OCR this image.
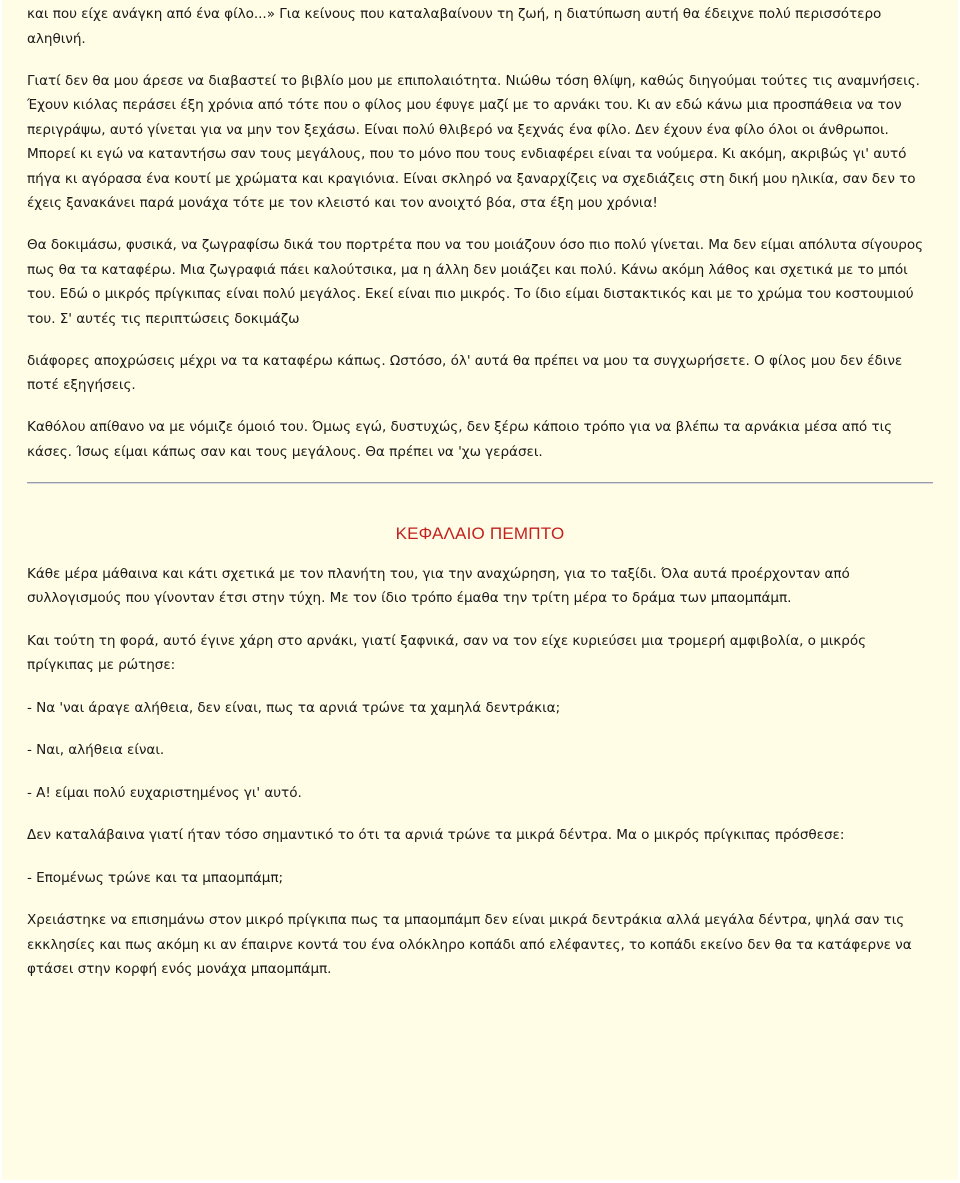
και που είχε ανάγκη από ένα φίλο...» Για κείνους που καταλαβαίνουν τη ζωή, η διατύπωση αυτή θα έδειχνε πολύ περισσότερο αληθινή.

Γιατί δεν θα μου άρεσε να διαβαστεί το βιβλίο μου με επιπολαιότητα. Νιώθω τόση θλίψη, καθώς διηγούμαι τούτες τις αναμνήσεις. Έχουν κιόλας περάσει έξη χρόνια από τότε που ο φίλος μου έφυγε μαζί με το αρνάκι του. Κι αν εδώ κάνω μια προσπάθεια να τον περιγράψω, αυτό γίνεται για να μην τον ξεχάσω. Είναι πολύ θλιβερό να ξεχνάς ένα φίλο. Δεν έχουν ένα φίλο όλοι οι άνθρωποι. Μπορεί κι εγώ να καταντήσω σαν τους μεγάλους, που το μόνο που τους ενδιαφέρει είναι τα νούμερα. Κι ακόμη, ακριβώς γι' αυτό πήγα κι αγόρασα ένα κουτί με χρώματα και κραγιόνια. Είναι σκληρό να ξαναρχίζεις να σχεδιάζεις στη δική μου ηλικία, σαν δεν το έχεις ξανακάνει παρά μονάχα τότε με τον κλειστό και τον ανοιχτό βόα, στα έξη μου χρόνια!

Θα δοκιμάσω, φυσικά, να ζωγραφίσω δικά του πορτρέτα που να του μοιάζουν όσο πιο πολύ γίνεται. Μα δεν είμαι απόλυτα σίγουρος πως θα τα καταφέρω. Μια ζωγραφιά πάει καλούτσικα, μα η άλλη δεν μοιάζει και πολύ. Κάνω ακόμη λάθος και σχετικά με το μπόι του. Εδώ ο μικρός πρίγκιπας είναι πολύ μεγάλος. Εκεί είναι πιο μικρός. Το ίδιο είμαι διστακτικός και με το χρώμα του κοστουμιού του. Σ' αυτές τις περιπτώσεις δοκιμάζω

διάφορες αποχρώσεις μέχρι να τα καταφέρω κάπως. Ωστόσο, όλ' αυτά θα πρέπει να μου τα συγχωρήσετε. Ο φίλος μου δεν έδινε ποτέ εξηγήσεις.

Καθόλου απίθανο να με νόμιζε όμοιό του. Όμως εγώ, δυστυχώς, δεν ξέρω κάποιο τρόπο για να βλέπω τα αρνάκια μέσα από τις κάσες. Ίσως είμαι κάπως σαν και τους μεγάλους. Θα πρέπει να 'χω γεράσει.

ΚΕΦΑΛΑΙΟ ΠΕΜΠΤΟ

Κάθε μέρα μάθαινα και κάτι σχετικά με τον πλανήτη του, για την αναχώρηση, για το ταξίδι. Όλα αυτά προέρχονταν από συλλογισμούς που γίνονταν έτσι στην τύχη. Με τον ίδιο τρόπο έμαθα την τρίτη μέρα το δράμα των μπαομπάμπ.

Και τούτη τη φορά, αυτό έγινε χάρη στο αρνάκι, γιατί ξαφνικά, σαν να τον είχε κυριεύσει μια τρομερή αμφιβολία, ο μικρός πρίγκιπας με ρώτησε:

- Να 'ναι άραγε αλήθεια, δεν είναι, πως τα αρνιά τρώνε τα χαμηλά δεντράκια;

- Ναι, αλήθεια είναι.

- Α! είμαι πολύ ευχαριστημένος γι' αυτό.

Δεν καταλάβαινα γιατί ήταν τόσο σημαντικό το ότι τα αρνιά τρώνε τα μικρά δέντρα. Μα ο μικρός πρίγκιπας πρόσθεσε:

- Επομένως τρώνε και τα μπαομπάμπ;

Χρειάστηκε να επισημάνω στον μικρό πρίγκιπα πως τα μπαομπάμπ δεν είναι μικρά δεντράκια αλλά μεγάλα δέντρα, ψηλά σαν τις εκκλησίες και πως ακόμη κι αν έπαιρνε κοντά του ένα ολόκληρο κοπάδι από ελέφαντες, το κοπάδι εκείνο δεν θα τα κατάφερνε να φτάσει στην κορφή ενός μονάχα μπαομπάμπ.
